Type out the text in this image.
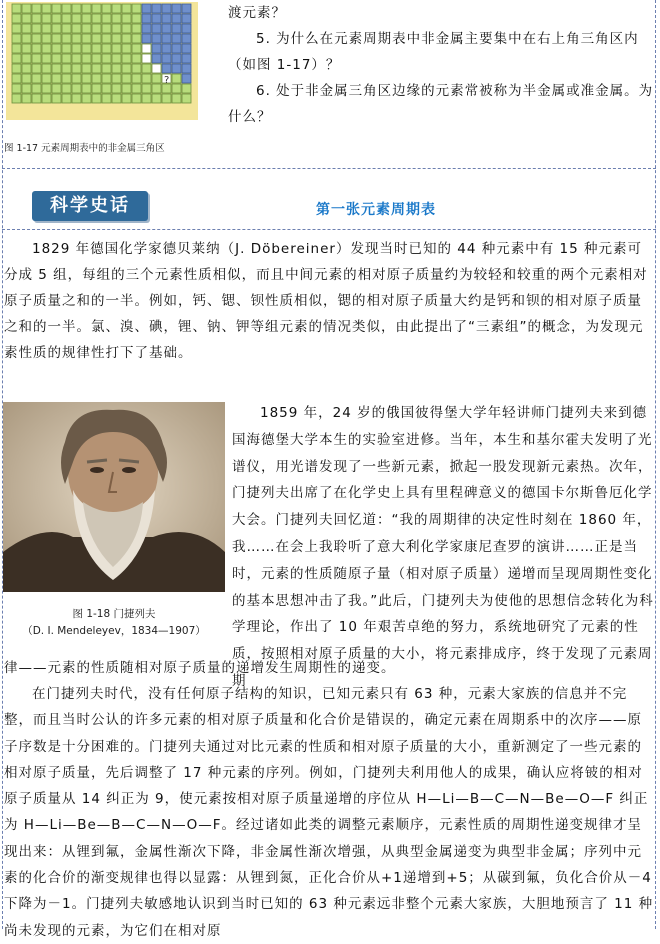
?
图 1-17 元素周期表中的非金属三角区

渡元素？

5. 为什么在元素周期表中非金属主要集中在右上角三角区内（如图 1-17）？

6. 处于非金属三角区边缘的元素常被称为半金属或准金属。为什么？

科学史话	第一张元素周期表

1829 年德国化学家德贝莱纳（J. Döbereiner）发现当时已知的 44 种元素中有 15 种元素可分成 5 组，每组的三个元素性质相似，而且中间元素的相对原子质量约为较轻和较重的两个元素相对原子质量之和的一半。例如，钙、锶、钡性质相似，锶的相对原子质量大约是钙和钡的相对原子质量之和的一半。氯、溴、碘，锂、钠、钾等组元素的情况类似，由此提出了“三素组”的概念，为发现元素性质的规律性打下了基础。

图 1-18 门捷列夫
（D. I. Mendeleyev，1834—1907）

1859 年，24 岁的俄国彼得堡大学年轻讲师门捷列夫来到德国海德堡大学本生的实验室进修。当年，本生和基尔霍夫发明了光谱仪，用光谱发现了一些新元素，掀起一股发现新元素热。次年，门捷列夫出席了在化学史上具有里程碑意义的德国卡尔斯鲁厄化学大会。门捷列夫回忆道：“我的周期律的决定性时刻在 1860 年，我……在会上我聆听了意大利化学家康尼查罗的演讲……正是当时，元素的性质随原子量（相对原子质量）递增而呈现周期性变化的基本思想冲击了我。”此后，门捷列夫为使他的思想信念转化为科学理论，作出了 10 年艰苦卓绝的努力，系统地研究了元素的性质，按照相对原子质量的大小，将元素排成序，终于发现了元素周期

律——元素的性质随相对原子质量的递增发生周期性的递变。

在门捷列夫时代，没有任何原子结构的知识，已知元素只有 63 种，元素大家族的信息并不完整，而且当时公认的许多元素的相对原子质量和化合价是错误的，确定元素在周期系中的次序——原子序数是十分困难的。门捷列夫通过对比元素的性质和相对原子质量的大小，重新测定了一些元素的相对原子质量，先后调整了 17 种元素的序列。例如，门捷列夫利用他人的成果，确认应将铍的相对原子质量从 14 纠正为 9，使元素按相对原子质量递增的序位从 H—Li—B—C—N—Be—O—F 纠正为 H—Li—Be—B—C—N—O—F。经过诸如此类的调整元素顺序，元素性质的周期性递变规律才呈现出来：从锂到氟，金属性渐次下降，非金属性渐次增强，从典型金属递变为典型非金属；序列中元素的化合价的渐变规律也得以显露：从锂到氮，正化合价从+1递增到+5；从碳到氟，负化合价从－4下降为－1。门捷列夫敏感地认识到当时已知的 63 种元素远非整个元素大家族，大胆地预言了 11 种尚未发现的元素，为它们在相对原
